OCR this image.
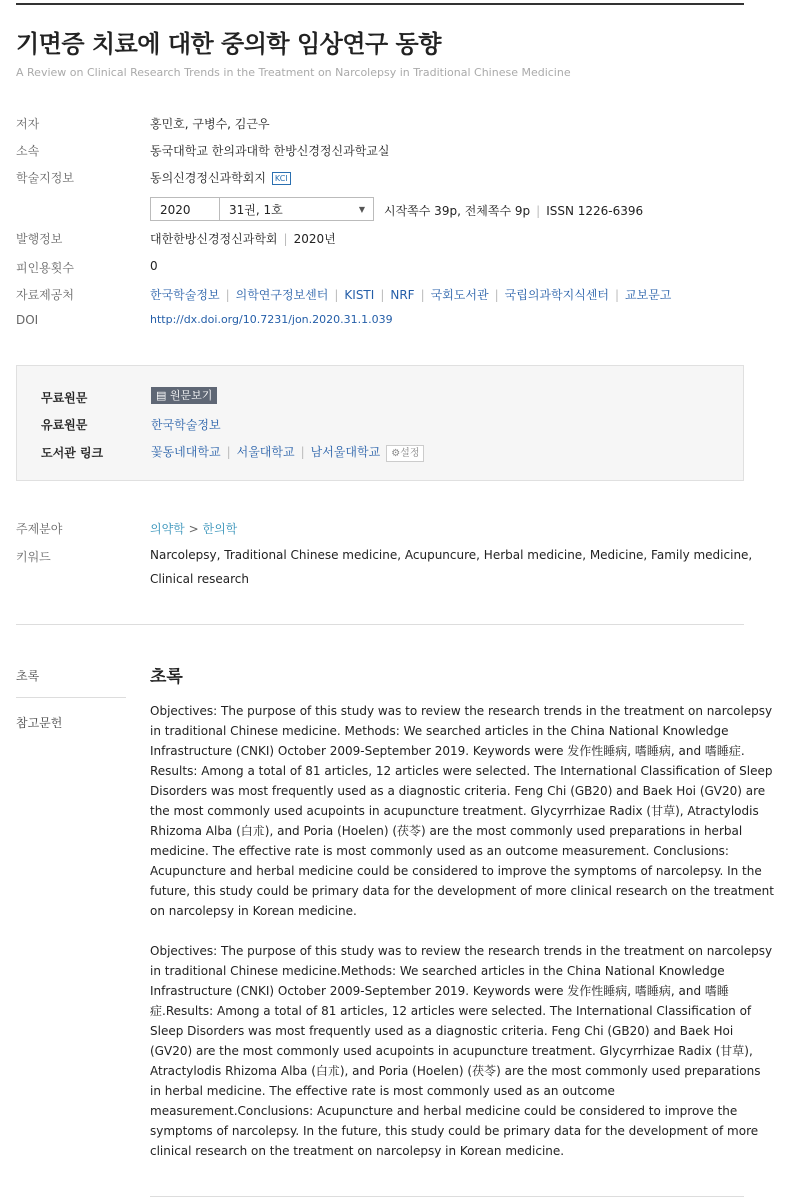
기면증 치료에 대한 중의학 임상연구 동향
A Review on Clinical Research Trends in the Treatment on Narcolepsy in Traditional Chinese Medicine
저자	홍민호, 구병수, 김근우
소속	동국대학교 한의과대학 한방신경정신과학교실
학술지정보	동의신경정신과학회지 KCI
2020	31권, 1호	▼ 시작쪽수 39p, 전체쪽수 9p | ISSN 1226-6396
발행정보	대한한방신경정신과학회 | 2020년
피인용횟수	0
자료제공처	한국학술정보 | 의학연구정보센터 | KISTI | NRF | 국회도서관 | 국립의과학지식센터 | 교보문고
DOI	http://dx.doi.org/10.7231/jon.2020.31.1.039
무료원문	▤ 원문보기
유료원문	한국학술정보
도서관 링크	꽃동네대학교 | 서울대학교 | 남서울대학교 ⚙설정
주제분야	의약학 > 한의학
키워드	Narcolepsy, Traditional Chinese medicine, Acupuncure, Herbal medicine, Medicine, Family medicine,
Clinical research
초록
참고문헌
초록
Objectives: The purpose of this study was to review the research trends in the treatment on narcolepsy
in traditional Chinese medicine. Methods: We searched articles in the China National Knowledge
Infrastructure (CNKI) October 2009-September 2019. Keywords were 发作性睡病, 嗜睡病, and 嗜睡症.
Results: Among a total of 81 articles, 12 articles were selected. The International Classification of Sleep
Disorders was most frequently used as a diagnostic criteria. Feng Chi (GB20) and Baek Hoi (GV20) are
the most commonly used acupoints in acupuncture treatment. Glycyrrhizae Radix (甘草), Atractylodis
Rhizoma Alba (白朮), and Poria (Hoelen) (茯苓) are the most commonly used preparations in herbal
medicine. The effective rate is most commonly used as an outcome measurement. Conclusions:
Acupuncture and herbal medicine could be considered to improve the symptoms of narcolepsy. In the
future, this study could be primary data for the development of more clinical research on the treatment
on narcolepsy in Korean medicine.
Objectives: The purpose of this study was to review the research trends in the treatment on narcolepsy
in traditional Chinese medicine.Methods: We searched articles in the China National Knowledge
Infrastructure (CNKI) October 2009-September 2019. Keywords were 发作性睡病, 嗜睡病, and 嗜睡
症.Results: Among a total of 81 articles, 12 articles were selected. The International Classification of
Sleep Disorders was most frequently used as a diagnostic criteria. Feng Chi (GB20) and Baek Hoi
(GV20) are the most commonly used acupoints in acupuncture treatment. Glycyrrhizae Radix (甘草),
Atractylodis Rhizoma Alba (白朮), and Poria (Hoelen) (茯苓) are the most commonly used preparations
in herbal medicine. The effective rate is most commonly used as an outcome
measurement.Conclusions: Acupuncture and herbal medicine could be considered to improve the
symptoms of narcolepsy. In the future, this study could be primary data for the development of more
clinical research on the treatment on narcolepsy in Korean medicine.
